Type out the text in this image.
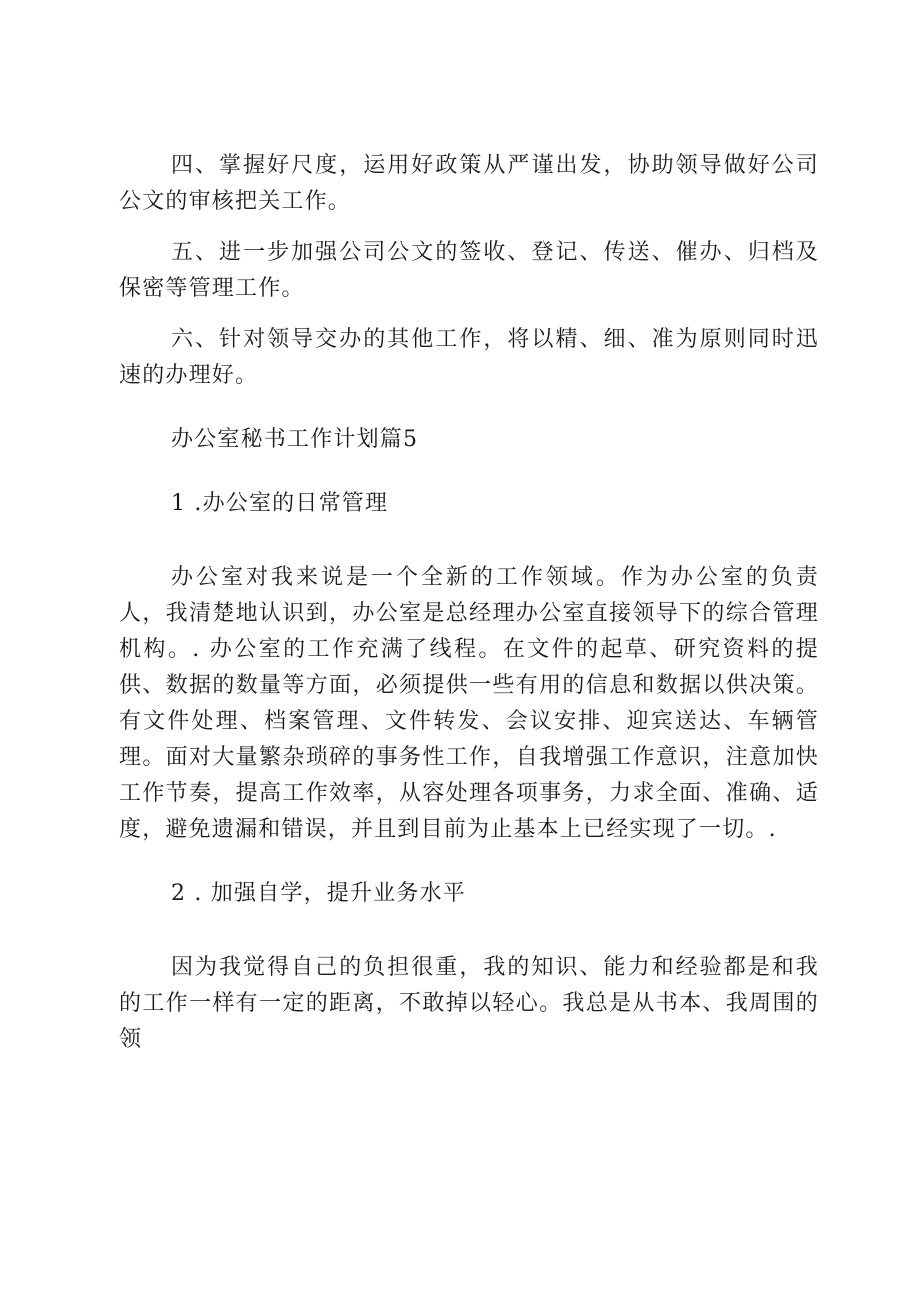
四、掌握好尺度，运用好政策从严谨出发，协助领导做好公司公文的审核把关工作。

五、进一步加强公司公文的签收、登记、传送、催办、归档及保密等管理工作。

六、针对领导交办的其他工作，将以精、细、准为原则同时迅速的办理好。

办公室秘书工作计划篇5

1 .办公室的日常管理

办公室对我来说是一个全新的工作领域。作为办公室的负责人，我清楚地认识到，办公室是总经理办公室直接领导下的综合管理机构。. 办公室的工作充满了线程。在文件的起草、研究资料的提供、数据的数量等方面，必须提供一些有用的信息和数据以供决策。有文件处理、档案管理、文件转发、会议安排、迎宾送达、车辆管理。面对大量繁杂琐碎的事务性工作，自我增强工作意识，注意加快工作节奏，提高工作效率，从容处理各项事务，力求全面、准确、适度，避免遗漏和错误，并且到目前为止基本上已经实现了一切。.

2 . 加强自学，提升业务水平

因为我觉得自己的负担很重，我的知识、能力和经验都是和我的工作一样有一定的距离，不敢掉以轻心。我总是从书本、我周围的领
